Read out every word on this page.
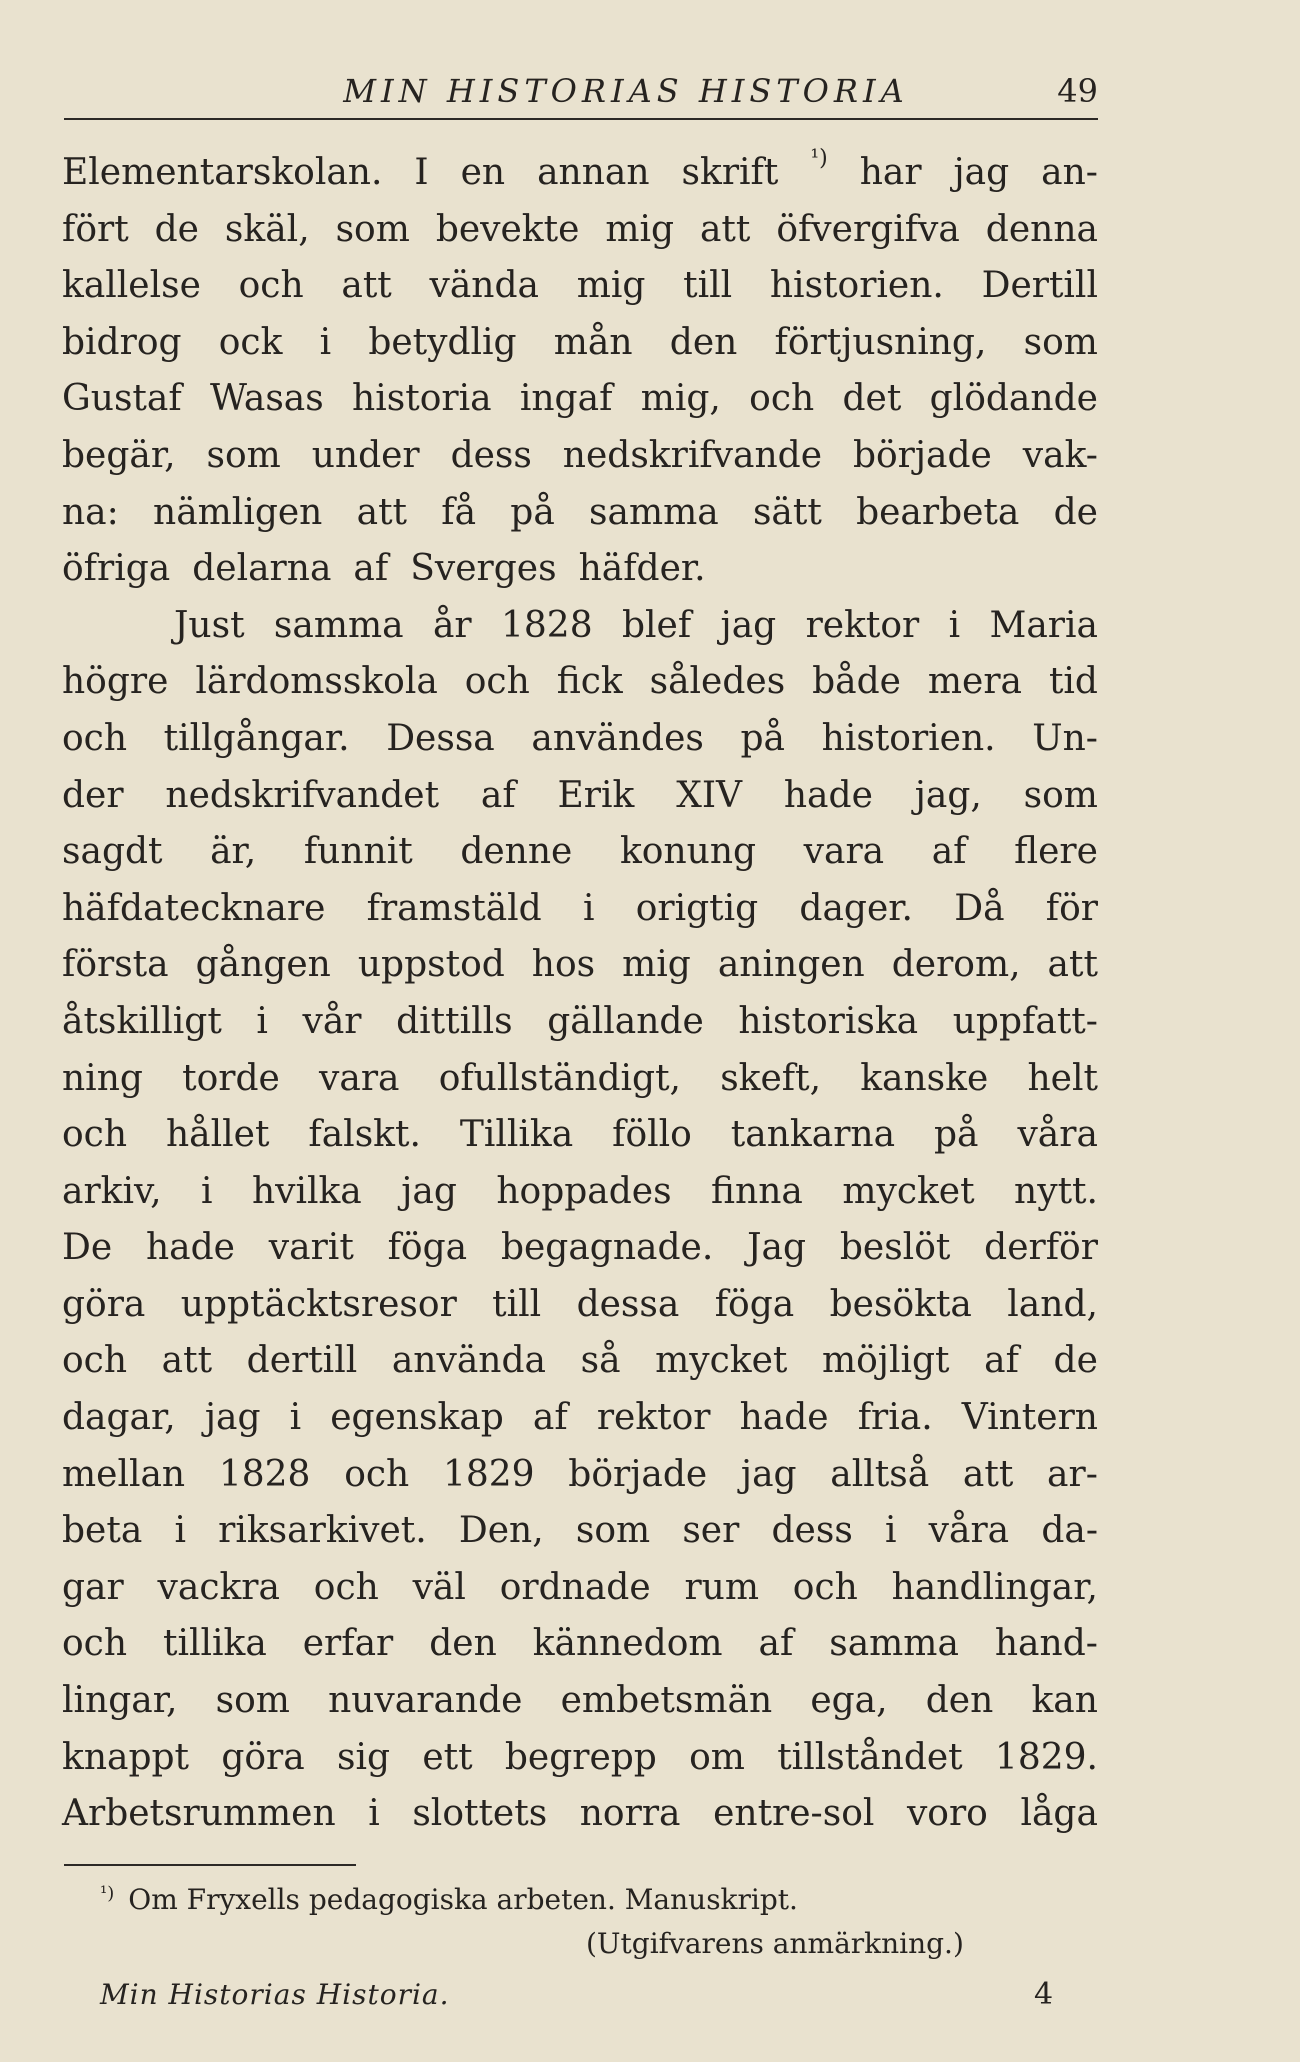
MIN HISTORIAS HISTORIA	49
Elementarskolan. I en annan skrift ¹) har jag an-
fört de skäl, som bevekte mig att öfvergifva denna
kallelse och att vända mig till historien. Dertill
bidrog ock i betydlig mån den förtjusning, som
Gustaf Wasas historia ingaf mig, och det glödande
begär, som under dess nedskrifvande började vak-
na: nämligen att få på samma sätt bearbeta de
öfriga delarna af Sverges häfder.
Just samma år 1828 blef jag rektor i Maria
högre lärdomsskola och fick således både mera tid
och tillgångar. Dessa användes på historien. Un-
der nedskrifvandet af Erik XIV hade jag, som
sagdt är, funnit denne konung vara af flere
häfdatecknare framstäld i origtig dager. Då för
första gången uppstod hos mig aningen derom, att
åtskilligt i vår dittills gällande historiska uppfatt-
ning torde vara ofullständigt, skeft, kanske helt
och hållet falskt. Tillika föllo tankarna på våra
arkiv, i hvilka jag hoppades finna mycket nytt.
De hade varit föga begagnade. Jag beslöt derför
göra upptäcktsresor till dessa föga besökta land,
och att dertill använda så mycket möjligt af de
dagar, jag i egenskap af rektor hade fria. Vintern
mellan 1828 och 1829 började jag alltså att ar-
beta i riksarkivet. Den, som ser dess i våra da-
gar vackra och väl ordnade rum och handlingar,
och tillika erfar den kännedom af samma hand-
lingar, som nuvarande embetsmän ega, den kan
knappt göra sig ett begrepp om tillståndet 1829.
Arbetsrummen i slottets norra entre-sol voro låga
$^{^1)}$ Om Fryxells pedagogiska arbeten. Manuskript.
(Utgifvarens anmärkning.)
Min Historias Historia.	4
